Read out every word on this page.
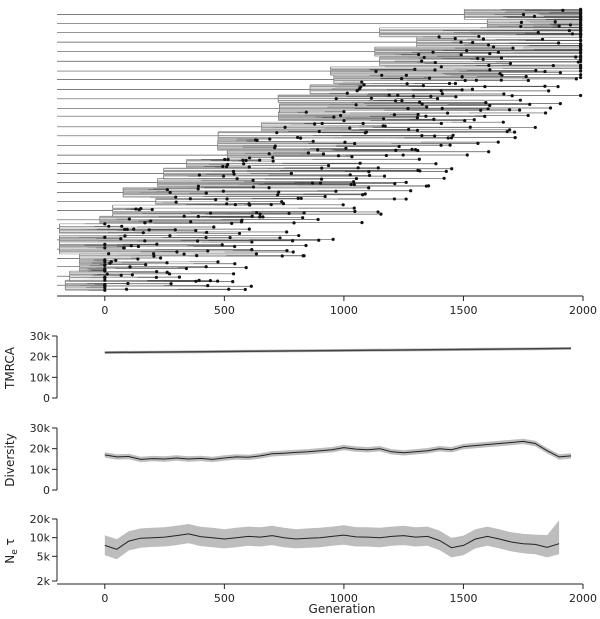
0	500	1000	1500	2000
0
10k
20k
30k
TMRCA
0
10k
20k
30k
Diversity
2k
5k
10k
20k
$N_e$ τ
0	500	1000	1500	2000
Generation
